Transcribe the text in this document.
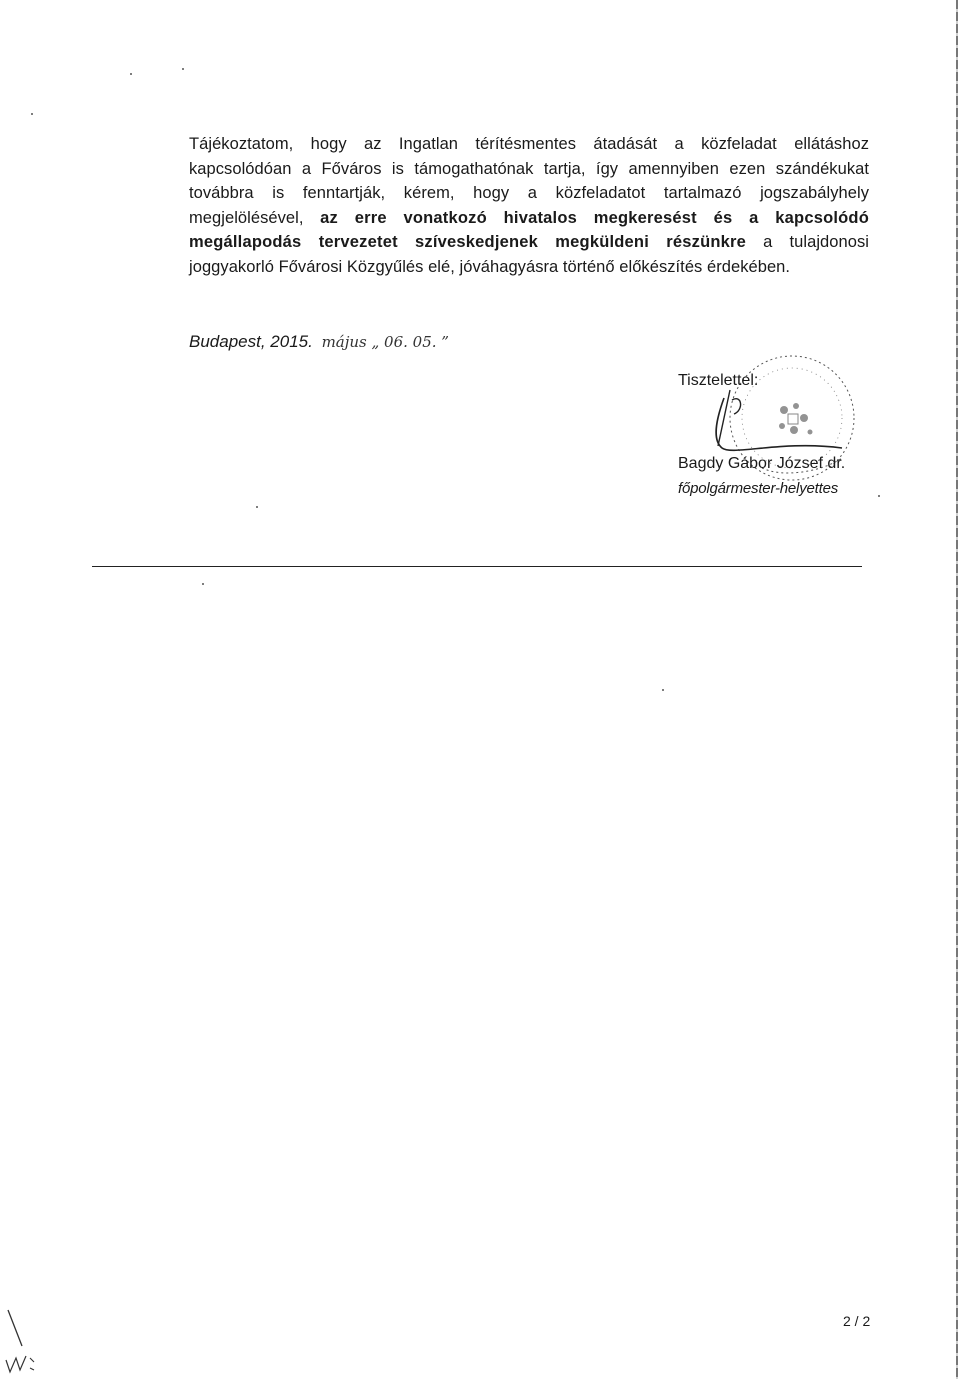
Tájékoztatom, hogy az Ingatlan térítésmentes átadását a közfeladat ellátáshoz kapcsolódóan a Főváros is támogathatónak tartja, így amennyiben ezen szándékukat továbbra is fenntartják, kérem, hogy a közfeladatot tartalmazó jogszabályhely megjelölésével, az erre vonatkozó hivatalos megkeresést és a kapcsolódó megállapodás tervezetet szíveskedjenek megküldeni részünkre a tulajdonosi joggyakorló Fővárosi Közgyűlés elé, jóváhagyásra történő előkészítés érdekében.
Budapest, 2015. május „ 06. 05. ”
Tisztelettel:
Bagdy Gábor József dr.
főpolgármester-helyettes
2 / 2
